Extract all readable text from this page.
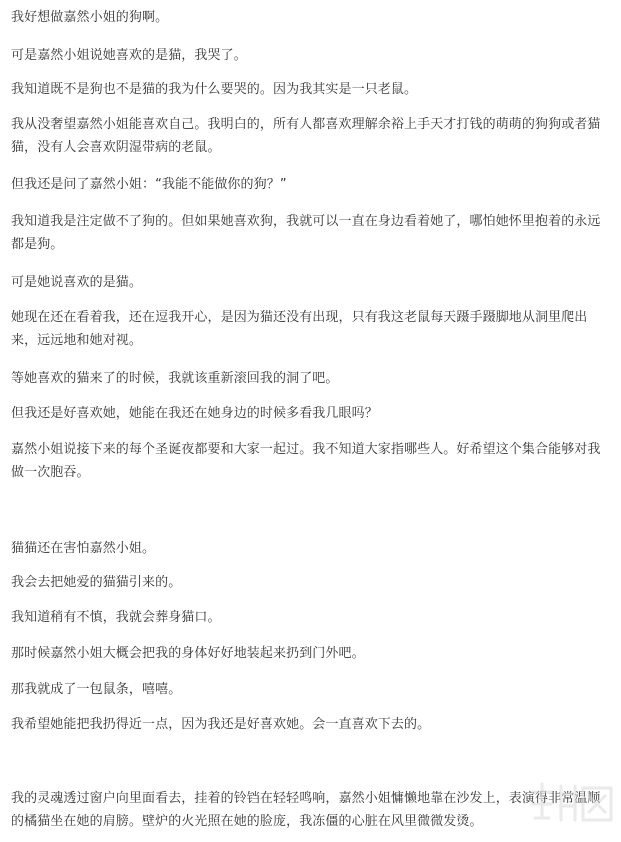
我好想做嘉然小姐的狗啊。

可是嘉然小姐说她喜欢的是猫，我哭了。

我知道既不是狗也不是猫的我为什么要哭的。因为我其实是一只老鼠。

我从没奢望嘉然小姐能喜欢自己。我明白的，所有人都喜欢理解余裕上手天才打钱的萌萌的狗狗或者猫猫，没有人会喜欢阴湿带病的老鼠。

但我还是问了嘉然小姐：“我能不能做你的狗？”

我知道我是注定做不了狗的。但如果她喜欢狗，我就可以一直在身边看着她了，哪怕她怀里抱着的永远都是狗。

可是她说喜欢的是猫。

她现在还在看着我，还在逗我开心，是因为猫还没有出现，只有我这老鼠每天蹑手蹑脚地从洞里爬出来，远远地和她对视。

等她喜欢的猫来了的时候，我就该重新滚回我的洞了吧。

但我还是好喜欢她，她能在我还在她身边的时候多看我几眼吗？

嘉然小姐说接下来的每个圣诞夜都要和大家一起过。我不知道大家指哪些人。好希望这个集合能够对我做一次胞吞。

猫猫还在害怕嘉然小姐。

我会去把她爱的猫猫引来的。

我知道稍有不慎，我就会葬身猫口。

那时候嘉然小姐大概会把我的身体好好地装起来扔到门外吧。

那我就成了一包鼠条，嘻嘻。

我希望她能把我扔得近一点，因为我还是好喜欢她。会一直喜欢下去的。

我的灵魂透过窗户向里面看去，挂着的铃铛在轻轻鸣响，嘉然小姐慵懒地靠在沙发上，表演得非常温顺的橘猫坐在她的肩膀。壁炉的火光照在她的脸庞，我冻僵的心脏在风里微微发烫。
